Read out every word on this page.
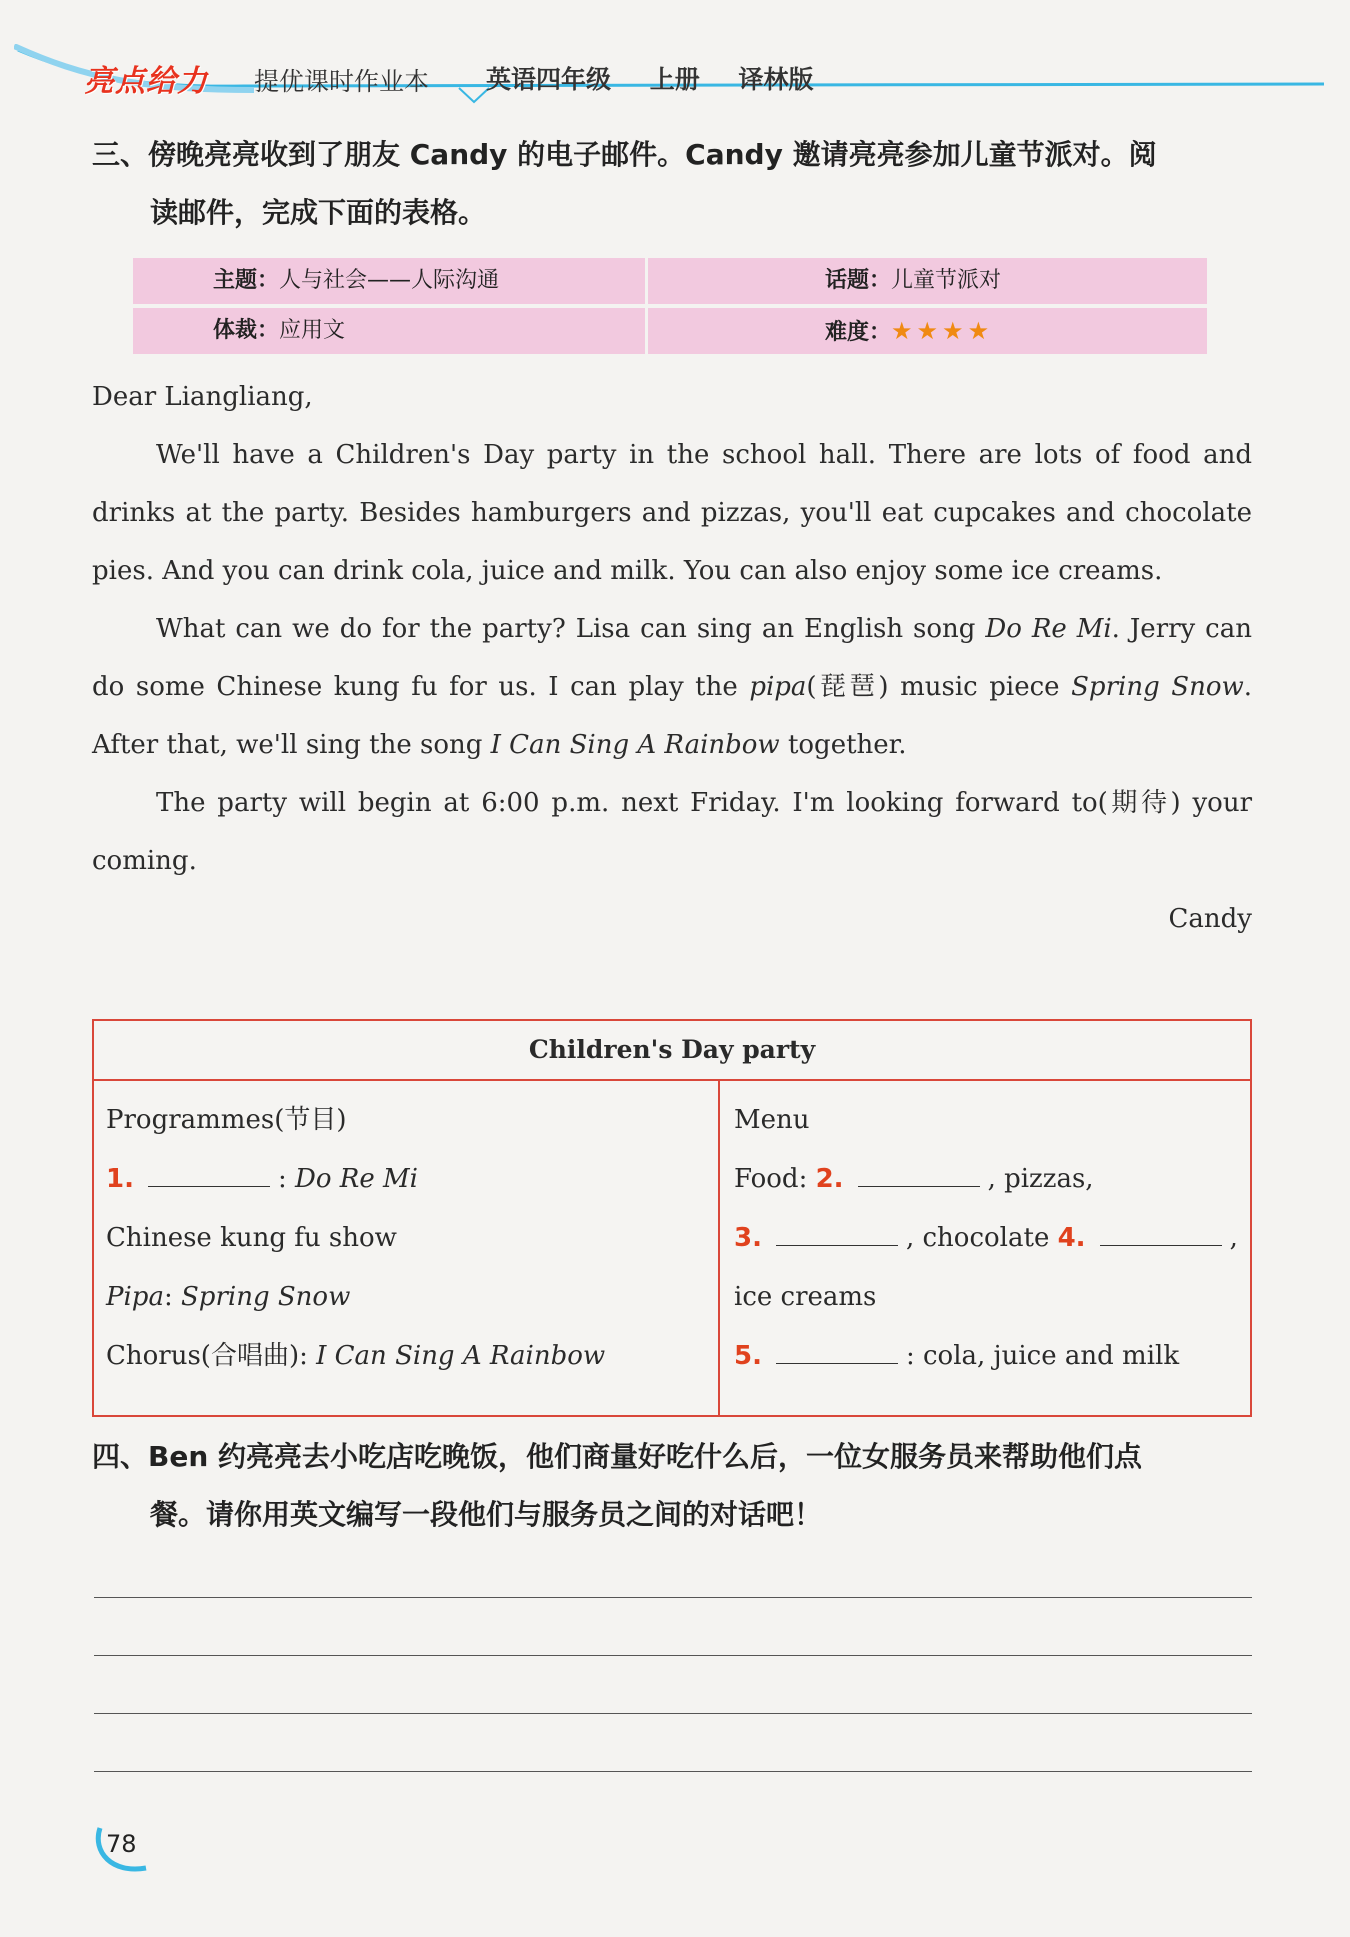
亮点给力 提优课时作业本 英语四年级 上册 译林版
三、傍晚亮亮收到了朋友 Candy 的电子邮件。Candy 邀请亮亮参加儿童节派对。阅
读邮件，完成下面的表格。
主题：人与社会——人际沟通	话题：儿童节派对
体裁：应用文	难度：★★★★

Dear Liangliang,

We'll have a Children's Day party in the school hall. There are lots of food and drinks at the party. Besides hamburgers and pizzas, you'll eat cupcakes and chocolate pies. And you can drink cola, juice and milk. You can also enjoy some ice creams.

What can we do for the party? Lisa can sing an English song Do Re Mi. Jerry can do some Chinese kung fu for us. I can play the pipa(琵琶) music piece Spring Snow. After that, we'll sing the song I Can Sing A Rainbow together.

The party will begin at 6:00 p.m. next Friday. I'm looking forward to(期待) your coming.

Candy

Children's Day party
Programmes(节目)
1.	: Do Re Mi
Chinese kung fu show
Pipa: Spring Snow
Chorus(合唱曲): I Can Sing A Rainbow
Menu
Food: 2.	, pizzas,
3.	, chocolate 4.	,
ice creams
5.	: cola, juice and milk
四、Ben 约亮亮去小吃店吃晚饭，他们商量好吃什么后，一位女服务员来帮助他们点
餐。请你用英文编写一段他们与服务员之间的对话吧！
78
